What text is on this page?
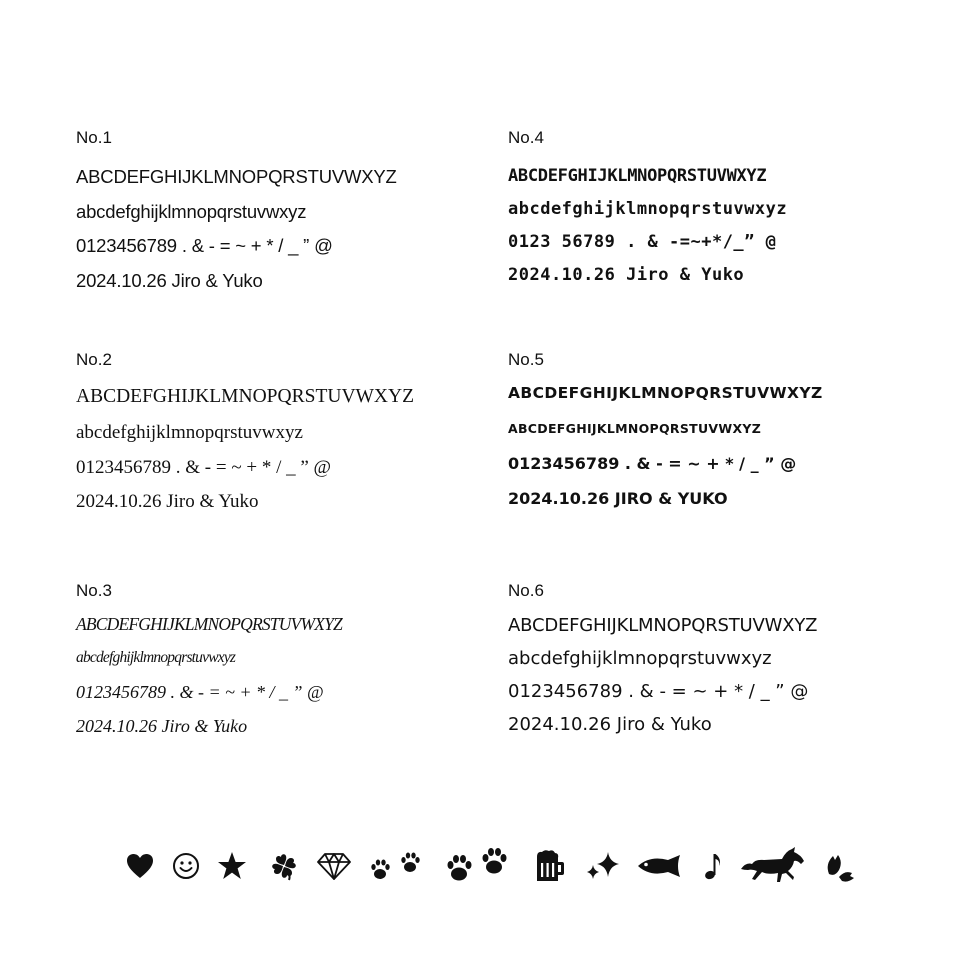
No.1
ABCDEFGHIJKLMNOPQRSTUVWXYZ
abcdefghijklmnopqrstuvwxyz
0123456789 . & - = ~ + * / _ ” @
2024.10.26 Jiro & Yuko
No.4
ABCDEFGHIJKLMNOPQRSTUVWXYZ
abcdefghijklmnopqrstuvwxyz
0123 56789 . & -=~+*/_” @
2024.10.26 Jiro & Yuko
No.2
ABCDEFGHIJKLMNOPQRSTUVWXYZ
abcdefghijklmnopqrstuvwxyz
0123456789 . & - = ~ + * / _ ” @
2024.10.26 Jiro & Yuko
No.5
ABCDEFGHIJKLMNOPQRSTUVWXYZ
ABCDEFGHIJKLMNOPQRSTUVWXYZ
0123456789 . & - = ~ + * / _ ” @
2024.10.26 JIRO & YUKO
No.3
ABCDEFGHIJKLMNOPQRSTUVWXYZ
abcdefghijklmnopqrstuvwxyz
0123456789 . & - = ~ + * / _ ” @
2024.10.26 Jiro & Yuko
No.6
ABCDEFGHIJKLMNOPQRSTUVWXYZ
abcdefghijklmnopqrstuvwxyz
0123456789 . & - = ~ + * / _ ” @
2024.10.26 Jiro & Yuko
